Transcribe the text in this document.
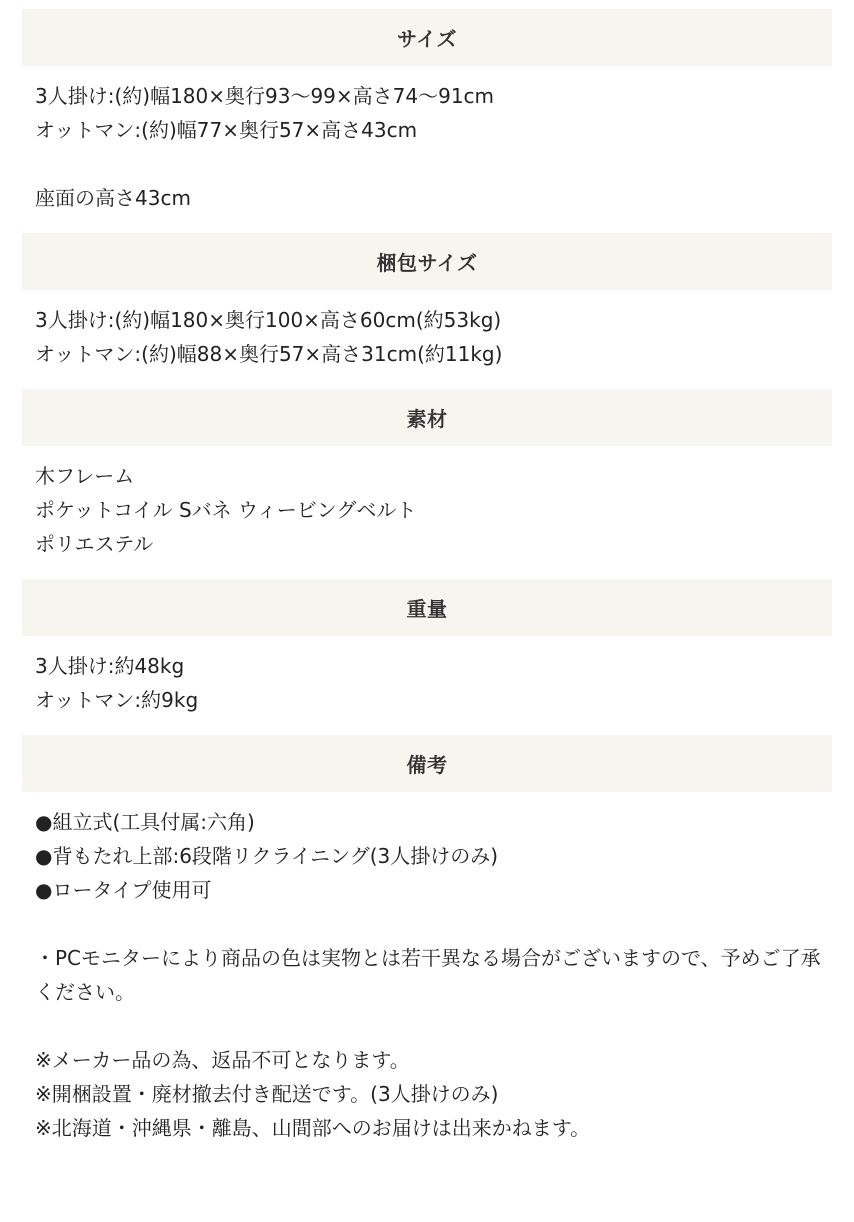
サイズ
3人掛け:(約)幅180×奥行93〜99×高さ74〜91cm
オットマン:(約)幅77×奥行57×高さ43cm
座面の高さ43cm
梱包サイズ
3人掛け:(約)幅180×奥行100×高さ60cm(約53kg)
オットマン:(約)幅88×奥行57×高さ31cm(約11kg)
素材
木フレーム
ポケットコイル Sバネ ウィービングベルト
ポリエステル
重量
3人掛け:約48kg
オットマン:約9kg
備考
●組立式(工具付属:六角)
●背もたれ上部:6段階リクライニング(3人掛けのみ)
●ロータイプ使用可
・PCモニターにより商品の色は実物とは若干異なる場合がございますので、予めご了承ください。
※メーカー品の為、返品不可となります。
※開梱設置・廃材撤去付き配送です。(3人掛けのみ)
※北海道・沖縄県・離島、山間部へのお届けは出来かねます。
